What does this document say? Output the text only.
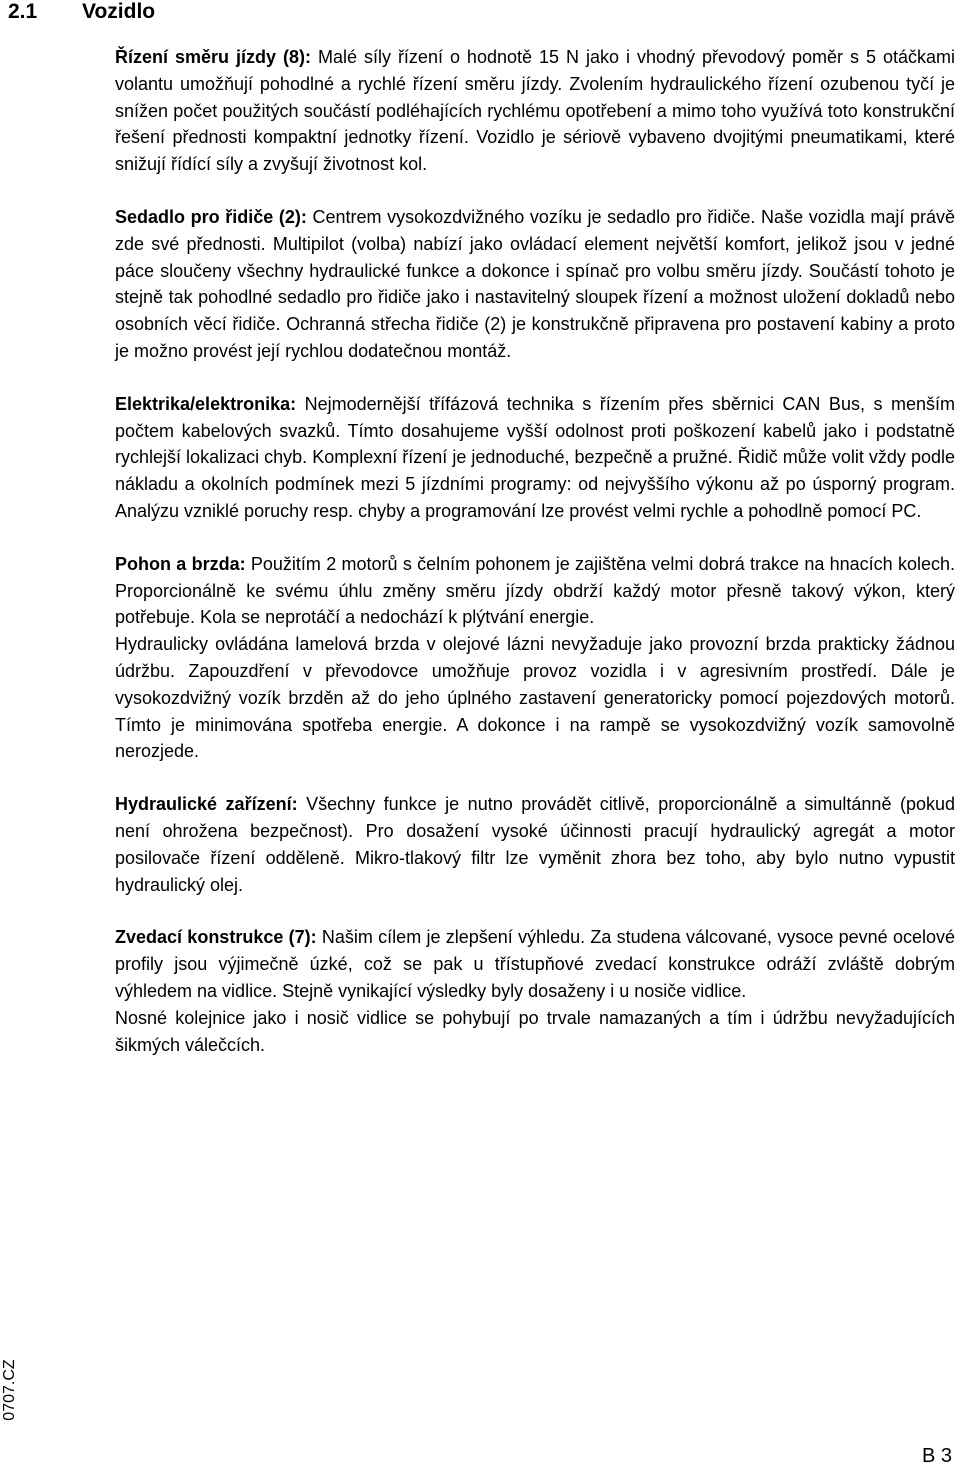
2.1 Vozidlo

Řízení směru jízdy (8): Malé síly řízení o hodnotě 15 N jako i vhodný převodový poměr s 5 otáčkami volantu umožňují pohodlné a rychlé řízení směru jízdy. Zvolením hydraulického řízení ozubenou tyčí je snížen počet použitých součástí podléhajících rychlému opotřebení a mimo toho využívá toto konstrukční řešení přednosti kompaktní jednotky řízení. Vozidlo je sériově vybaveno dvojitými pneumatikami, které snižují řídící síly a zvyšují životnost kol.

Sedadlo pro řidiče (2): Centrem vysokozdvižného vozíku je sedadlo pro řidiče. Naše vozidla mají právě zde své přednosti. Multipilot (volba) nabízí jako ovládací element největší komfort, jelikož jsou v jedné páce sloučeny všechny hydraulické funkce a dokonce i spínač pro volbu směru jízdy. Součástí tohoto je stejně tak pohodlné sedadlo pro řidiče jako i nastavitelný sloupek řízení a možnost uložení dokladů nebo osobních věcí řidiče. Ochranná střecha řidiče (2) je konstrukčně připravena pro postavení kabiny a proto je možno provést její rychlou dodatečnou montáž.

Elektrika/elektronika: Nejmodernější třífázová technika s řízením přes sběrnici CAN Bus, s menším počtem kabelových svazků. Tímto dosahujeme vyšší odolnost proti poškození kabelů jako i podstatně rychlejší lokalizaci chyb. Komplexní řízení je jednoduché, bezpečně a pružné. Řidič může volit vždy podle nákladu a okolních podmínek mezi 5 jízdními programy: od nejvyššího výkonu až po úsporný program. Analýzu vzniklé poruchy resp. chyby a programování lze provést velmi rychle a pohodlně pomocí PC.

Pohon a brzda: Použitím 2 motorů s čelním pohonem je zajištěna velmi dobrá trakce na hnacích kolech. Proporcionálně ke svému úhlu změny směru jízdy obdrží každý motor přesně takový výkon, který potřebuje. Kola se neprotáčí a nedochází k plýtvání energie.

Hydraulicky ovládána lamelová brzda v olejové lázni nevyžaduje jako provozní brzda prakticky žádnou údržbu. Zapouzdření v převodovce umožňuje provoz vozidla i v agresivním prostředí. Dále je vysokozdvižný vozík brzděn až do jeho úplného zastavení generatoricky pomocí pojezdových motorů. Tímto je minimována spotřeba energie. A dokonce i na rampě se vysokozdvižný vozík samovolně nerozjede.

Hydraulické zařízení: Všechny funkce je nutno provádět citlivě, proporcionálně a simultánně (pokud není ohrožena bezpečnost). Pro dosažení vysoké účinnosti pracují hydraulický agregát a motor posilovače řízení odděleně. Mikro-tlakový filtr lze vyměnit zhora bez toho, aby bylo nutno vypustit hydraulický olej.

Zvedací konstrukce (7): Našim cílem je zlepšení výhledu. Za studena válcované, vysoce pevné ocelové profily jsou výjimečně úzké, což se pak u třístupňové zvedací konstrukce odráží zvláště dobrým výhledem na vidlice. Stejně vynikající výsledky byly dosaženy i u nosiče vidlice.

Nosné kolejnice jako i nosič vidlice se pohybují po trvale namazaných a tím i údržbu nevyžadujících šikmých válečcích.

0707.CZ
B 3
